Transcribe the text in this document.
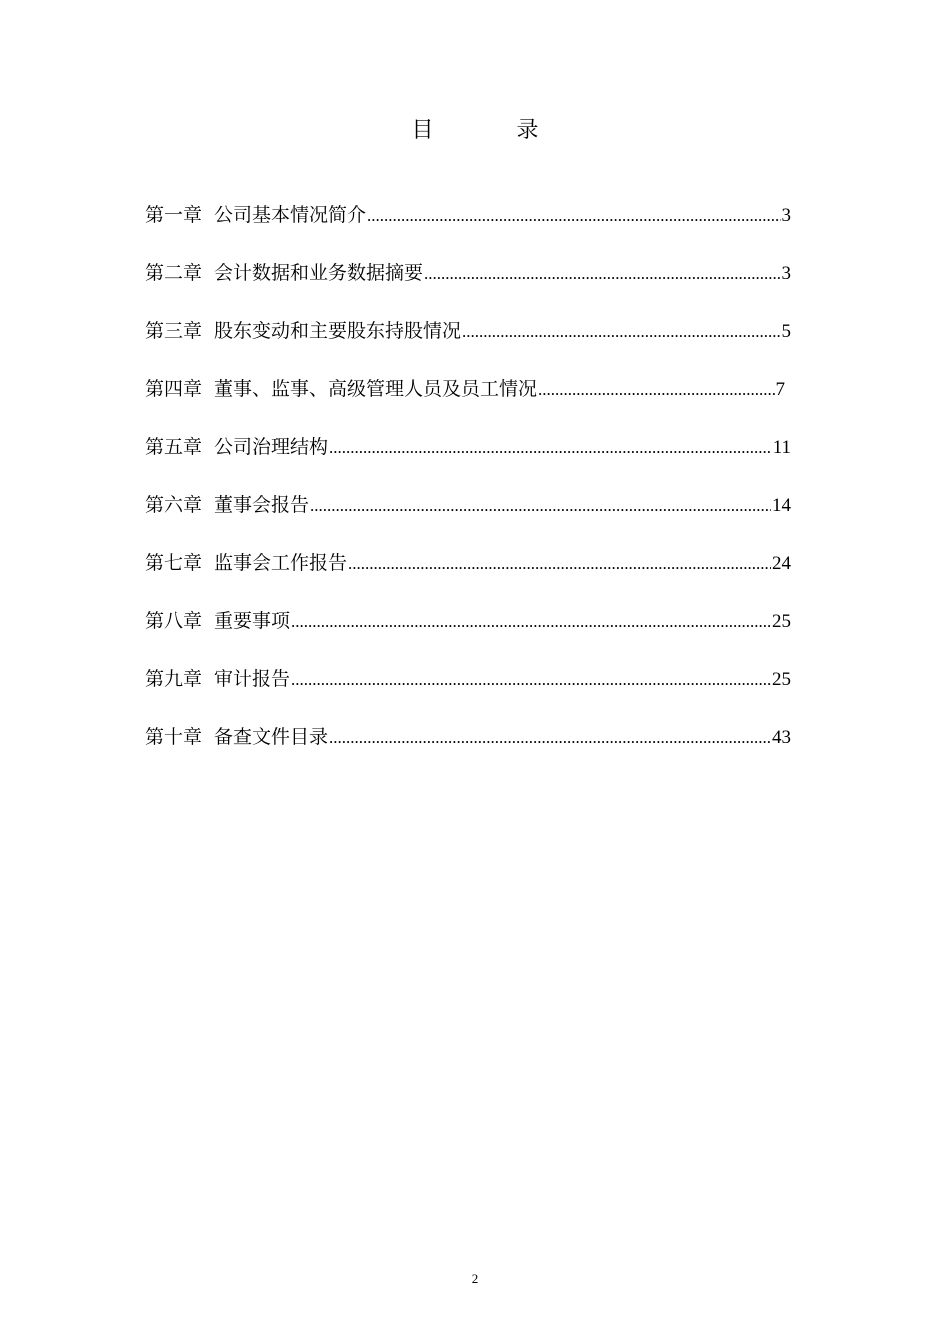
目 录
第一章 公司基本情况简介 .....	3
第二章 会计数据和业务数据摘要 .....	3
第三章 股东变动和主要股东持股情况 .....	5
第四章 董事、监事、高级管理人员及员工情况 .....	7
第五章 公司治理结构 .....	11
第六章 董事会报告 .....	14
第七章 监事会工作报告 .....	24
第八章 重要事项 .....	25
第九章 审计报告 .....	25
第十章 备查文件目录 .....	43
2
